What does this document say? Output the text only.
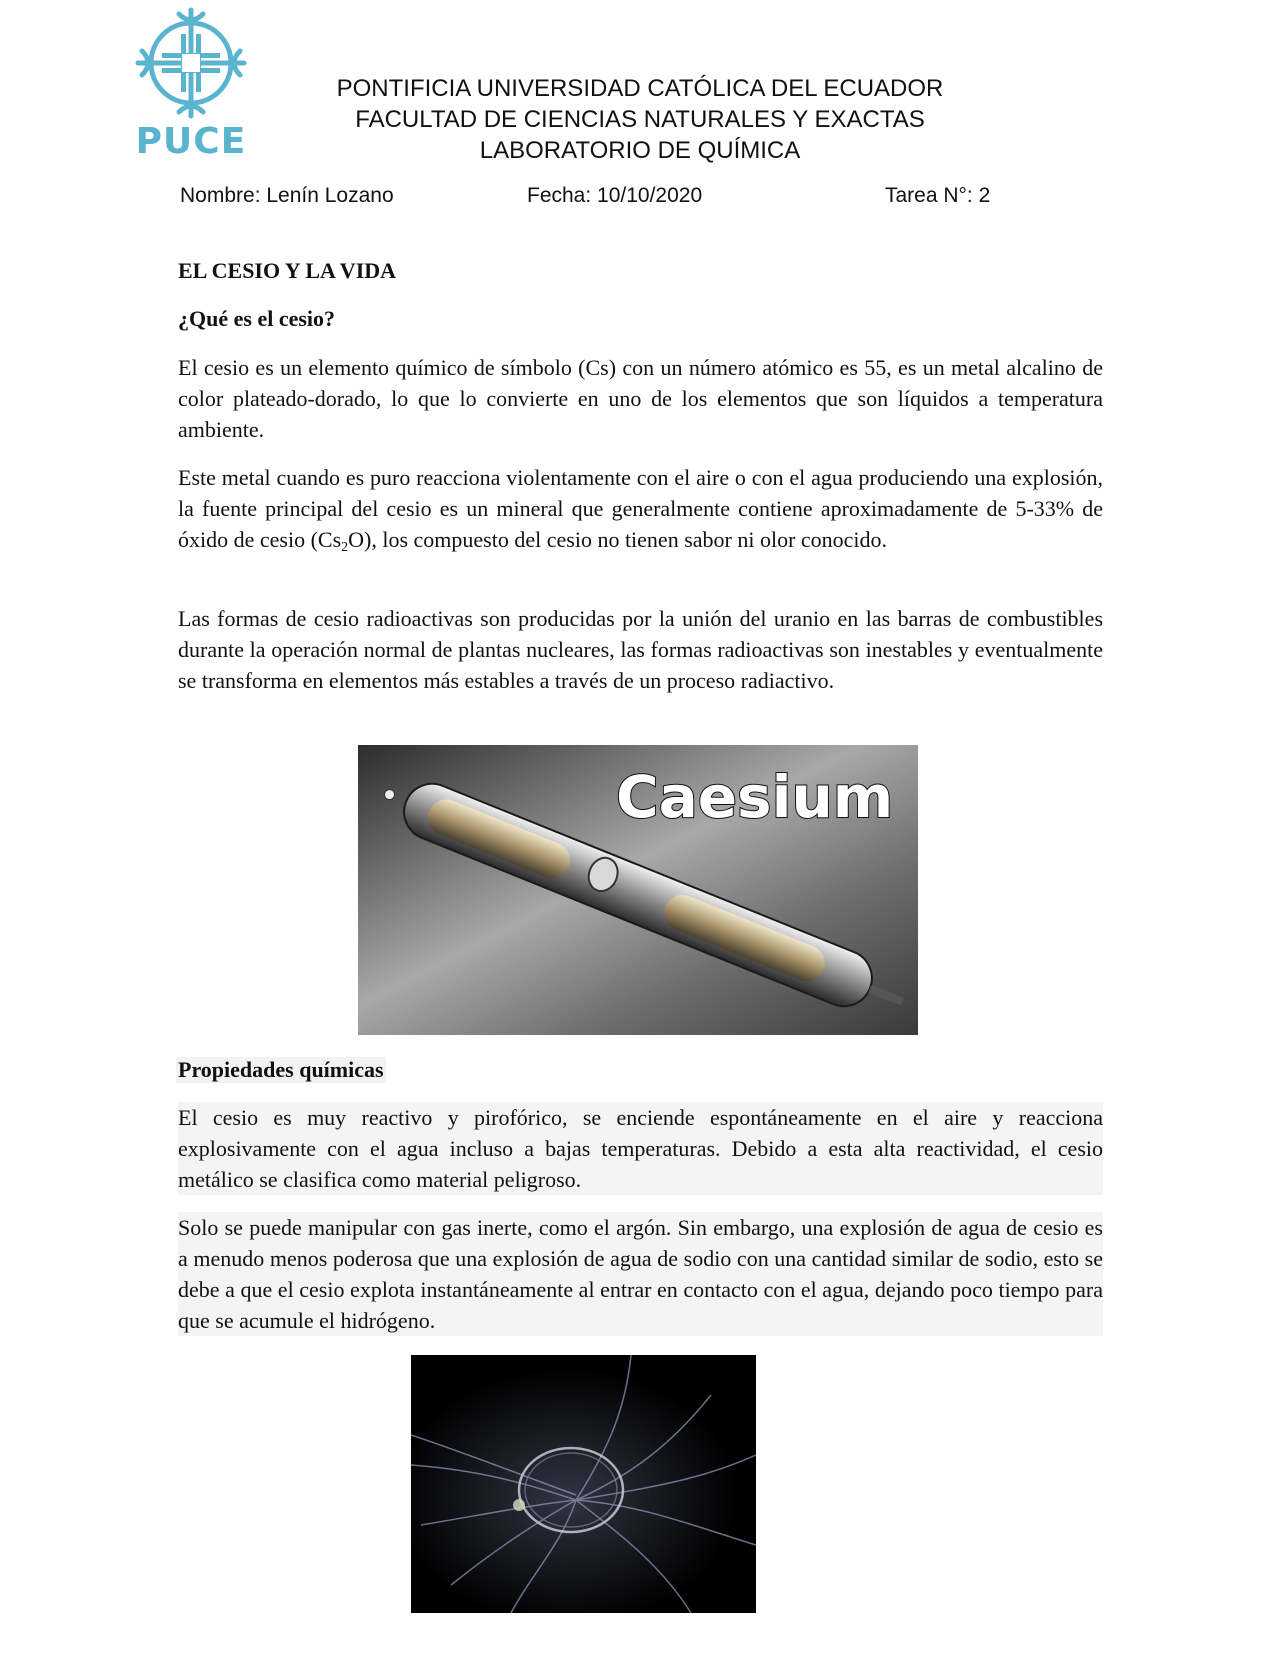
PUCE
PONTIFICIA UNIVERSIDAD CATÓLICA DEL ECUADOR
FACULTAD DE CIENCIAS NATURALES Y EXACTAS
LABORATORIO DE QUÍMICA
Nombre: Lenín Lozano	Fecha: 10/10/2020	Tarea N°: 2
EL CESIO Y LA VIDA
¿Qué es el cesio?

El cesio es un elemento químico de símbolo (Cs) con un número atómico es 55, es un metal alcalino de color plateado-dorado, lo que lo convierte en uno de los elementos que son líquidos a temperatura ambiente.

Este metal cuando es puro reacciona violentamente con el aire o con el agua produciendo una explosión, la fuente principal del cesio es un mineral que generalmente contiene aproximadamente de 5-33% de óxido de cesio $(Cs_2O)$, los compuesto del cesio no tienen sabor ni olor conocido.

Las formas de cesio radioactivas son producidas por la unión del uranio en las barras de combustibles durante la operación normal de plantas nucleares, las formas radioactivas son inestables y eventualmente se transforma en elementos más estables a través de un proceso radiactivo.

Caesium
Propiedades químicas

El cesio es muy reactivo y pirofórico, se enciende espontáneamente en el aire y reacciona explosivamente con el agua incluso a bajas temperaturas. Debido a esta alta reactividad, el cesio metálico se clasifica como material peligroso.

Solo se puede manipular con gas inerte, como el argón. Sin embargo, una explosión de agua de cesio es a menudo menos poderosa que una explosión de agua de sodio con una cantidad similar de sodio, esto se debe a que el cesio explota instantáneamente al entrar en contacto con el agua, dejando poco tiempo para que se acumule el hidrógeno.
